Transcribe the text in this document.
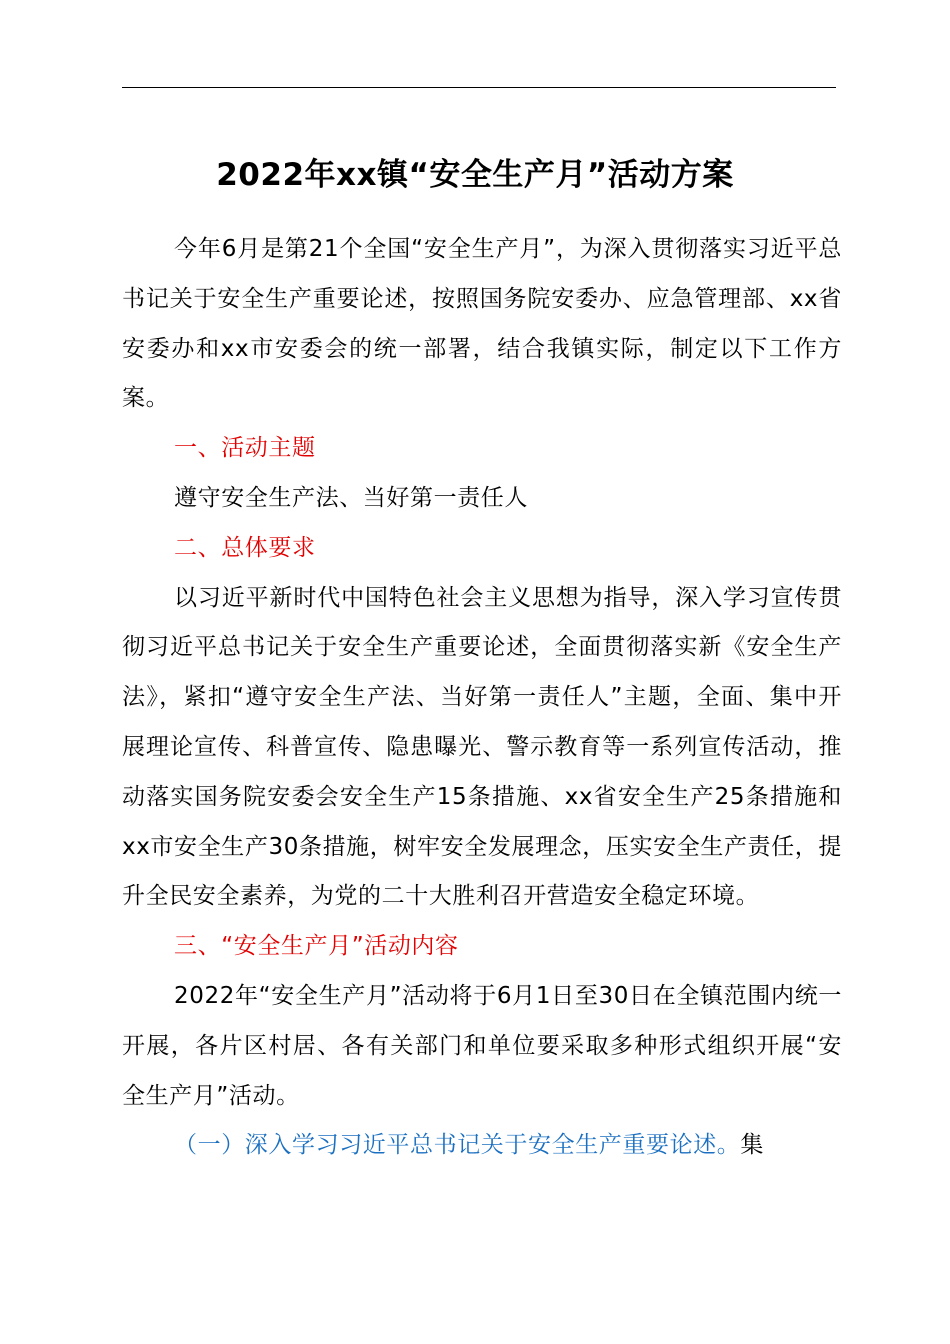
2022年xx镇“安全生产月”活动方案

今年6月是第21个全国“安全生产月”，为深入贯彻落实习近平总书记关于安全生产重要论述，按照国务院安委办、应急管理部、xx省安委办和xx市安委会的统一部署，结合我镇实际，制定以下工作方案。

一、活动主题

遵守安全生产法、当好第一责任人

二、总体要求

以习近平新时代中国特色社会主义思想为指导，深入学习宣传贯彻习近平总书记关于安全生产重要论述，全面贯彻落实新《安全生产法》，紧扣“遵守安全生产法、当好第一责任人”主题，全面、集中开展理论宣传、科普宣传、隐患曝光、警示教育等一系列宣传活动，推动落实国务院安委会安全生产15条措施、xx省安全生产25条措施和xx市安全生产30条措施，树牢安全发展理念，压实安全生产责任，提升全民安全素养，为党的二十大胜利召开营造安全稳定环境。

三、“安全生产月”活动内容

2022年“安全生产月”活动将于6月1日至30日在全镇范围内统一开展，各片区村居、各有关部门和单位要采取多种形式组织开展“安全生产月”活动。

（一）深入学习习近平总书记关于安全生产重要论述。集
